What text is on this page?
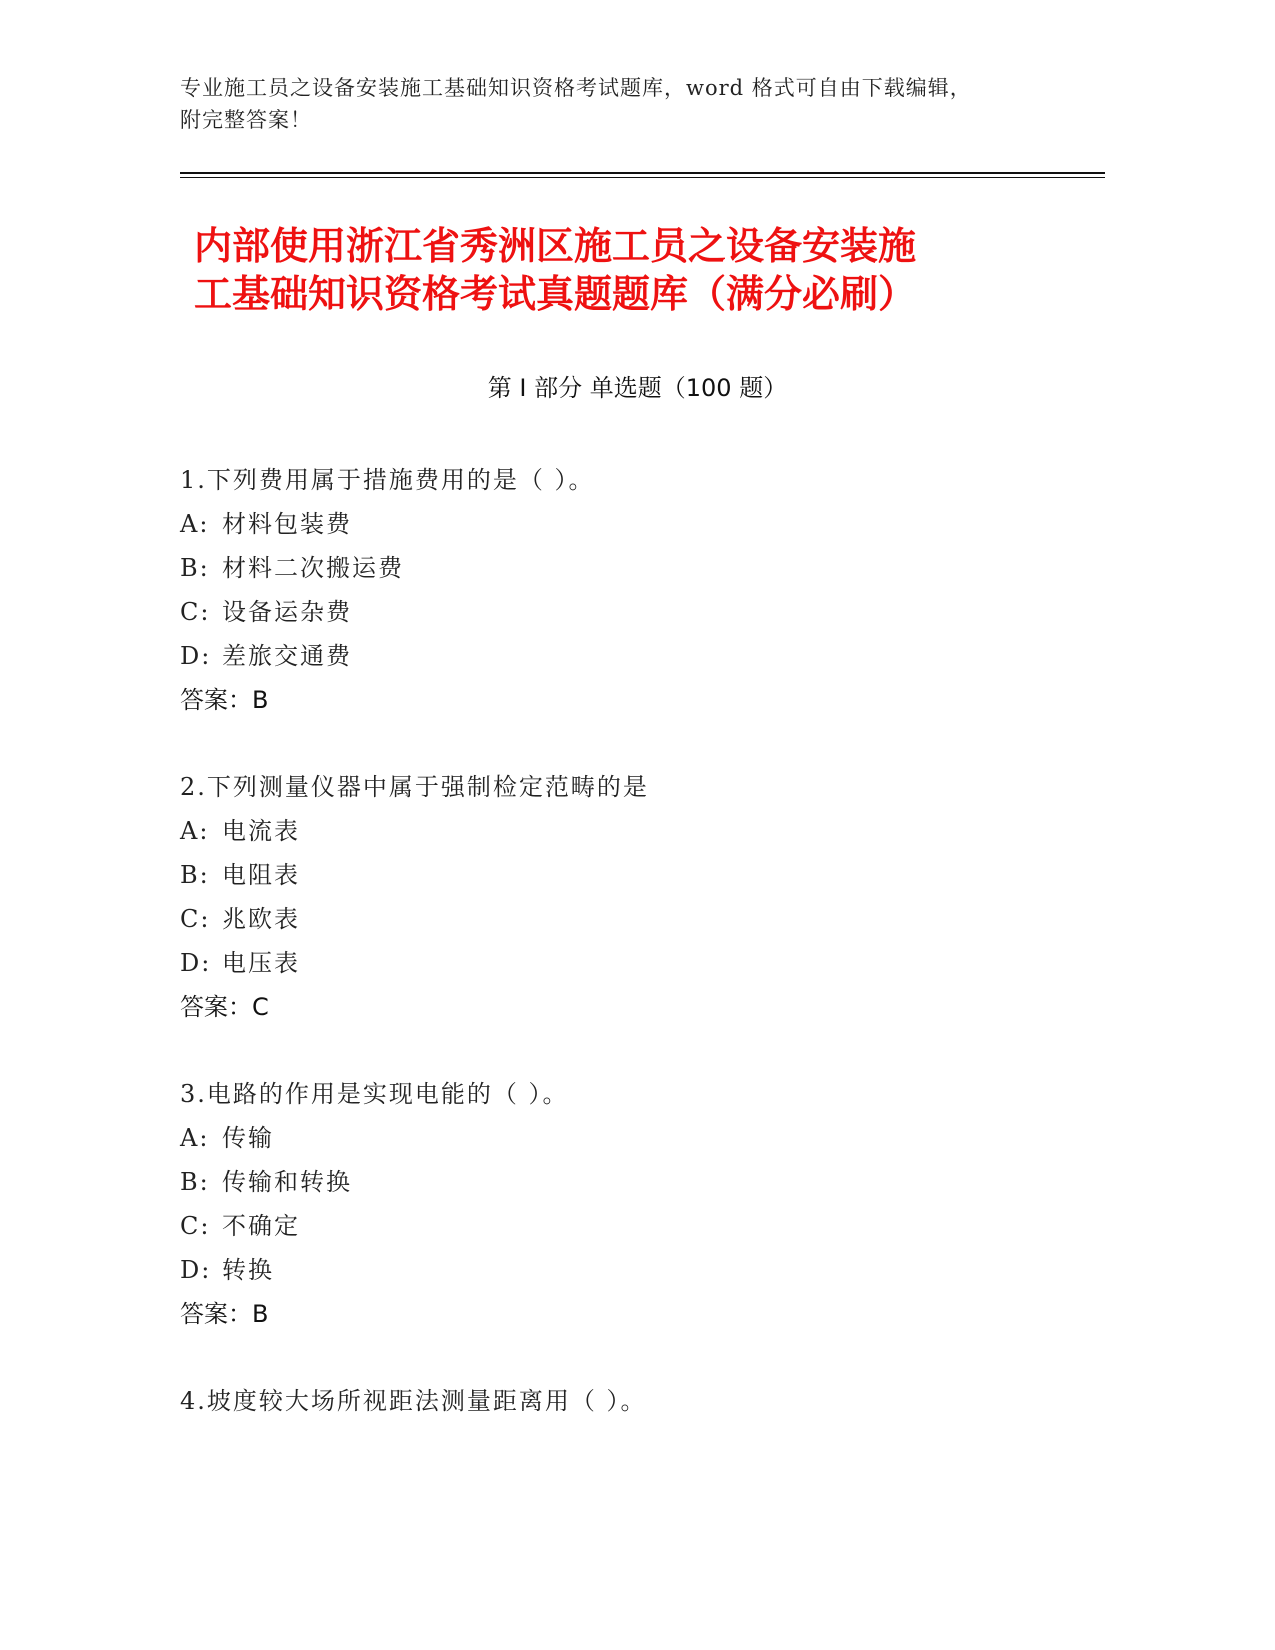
专业施工员之设备安装施工基础知识资格考试题库，word 格式可自由下载编辑，
附完整答案！
内部使用浙江省秀洲区施工员之设备安装施
工基础知识资格考试真题题库（满分必刷）
第 I 部分 单选题（100 题）
1.下列费用属于措施费用的是（ ）。
A: 材料包装费
B: 材料二次搬运费
C: 设备运杂费
D: 差旅交通费
答案：B
2.下列测量仪器中属于强制检定范畴的是
A: 电流表
B: 电阻表
C: 兆欧表
D: 电压表
答案：C
3.电路的作用是实现电能的（ ）。
A: 传输
B: 传输和转换
C: 不确定
D: 转换
答案：B
4.坡度较大场所视距法测量距离用（ ）。
